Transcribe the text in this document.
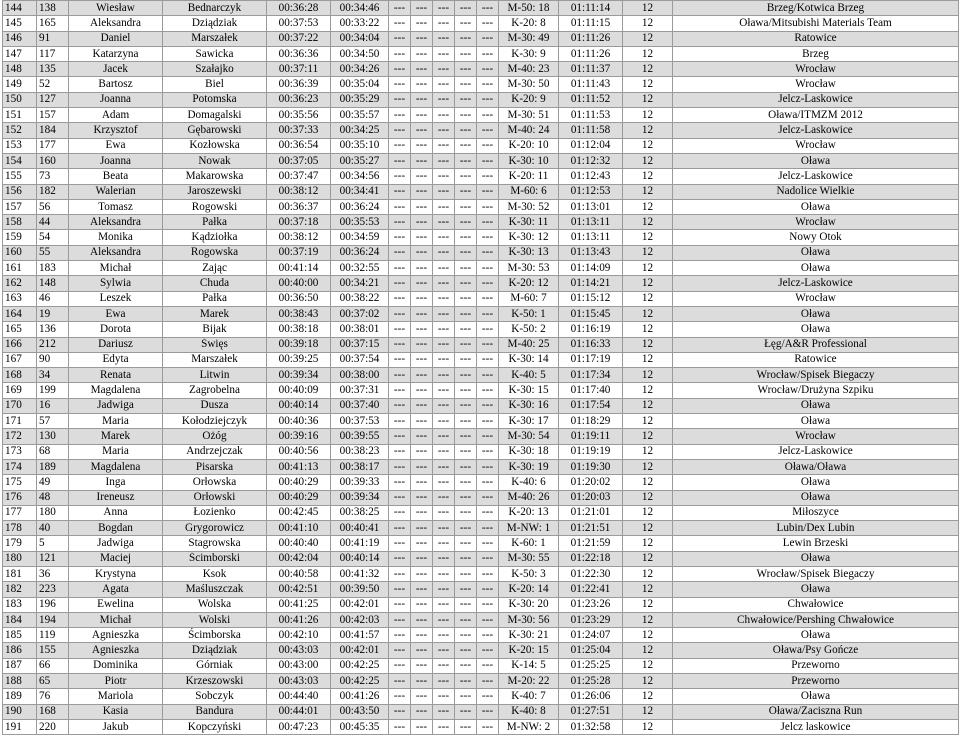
144	138	Wiesław	Bednarczyk	00:36:28	00:34:46	---	---	---	---	---	M-50: 18	01:11:14	12	Brzeg/Kotwica Brzeg
145	165	Aleksandra	Dziądziak	00:37:53	00:33:22	---	---	---	---	---	K-20: 8	01:11:15	12	Oława/Mitsubishi Materials Team
146	91	Daniel	Marszałek	00:37:22	00:34:04	---	---	---	---	---	M-30: 49	01:11:26	12	Ratowice
147	117	Katarzyna	Sawicka	00:36:36	00:34:50	---	---	---	---	---	K-30: 9	01:11:26	12	Brzeg
148	135	Jacek	Szałajko	00:37:11	00:34:26	---	---	---	---	---	M-40: 23	01:11:37	12	Wrocław
149	52	Bartosz	Biel	00:36:39	00:35:04	---	---	---	---	---	M-30: 50	01:11:43	12	Wrocław
150	127	Joanna	Potomska	00:36:23	00:35:29	---	---	---	---	---	K-20: 9	01:11:52	12	Jelcz-Laskowice
151	157	Adam	Domagalski	00:35:56	00:35:57	---	---	---	---	---	M-30: 51	01:11:53	12	Oława/ITMZM 2012
152	184	Krzysztof	Gębarowski	00:37:33	00:34:25	---	---	---	---	---	M-40: 24	01:11:58	12	Jelcz-Laskowice
153	177	Ewa	Kozłowska	00:36:54	00:35:10	---	---	---	---	---	K-20: 10	01:12:04	12	Wrocław
154	160	Joanna	Nowak	00:37:05	00:35:27	---	---	---	---	---	K-30: 10	01:12:32	12	Oława
155	73	Beata	Makarowska	00:37:47	00:34:56	---	---	---	---	---	K-20: 11	01:12:43	12	Jelcz-Laskowice
156	182	Walerian	Jaroszewski	00:38:12	00:34:41	---	---	---	---	---	M-60: 6	01:12:53	12	Nadolice Wielkie
157	56	Tomasz	Rogowski	00:36:37	00:36:24	---	---	---	---	---	M-30: 52	01:13:01	12	Oława
158	44	Aleksandra	Pałka	00:37:18	00:35:53	---	---	---	---	---	K-30: 11	01:13:11	12	Wrocław
159	54	Monika	Kądziołka	00:38:12	00:34:59	---	---	---	---	---	K-30: 12	01:13:11	12	Nowy Otok
160	55	Aleksandra	Rogowska	00:37:19	00:36:24	---	---	---	---	---	K-30: 13	01:13:43	12	Oława
161	183	Michał	Zając	00:41:14	00:32:55	---	---	---	---	---	M-30: 53	01:14:09	12	Oława
162	148	Sylwia	Chuda	00:40:00	00:34:21	---	---	---	---	---	K-20: 12	01:14:21	12	Jelcz-Laskowice
163	46	Leszek	Pałka	00:36:50	00:38:22	---	---	---	---	---	M-60: 7	01:15:12	12	Wrocław
164	19	Ewa	Marek	00:38:43	00:37:02	---	---	---	---	---	K-50: 1	01:15:45	12	Oława
165	136	Dorota	Bijak	00:38:18	00:38:01	---	---	---	---	---	K-50: 2	01:16:19	12	Oława
166	212	Dariusz	Święs	00:39:18	00:37:15	---	---	---	---	---	M-40: 25	01:16:33	12	Łęg/A&R Professional
167	90	Edyta	Marszałek	00:39:25	00:37:54	---	---	---	---	---	K-30: 14	01:17:19	12	Ratowice
168	34	Renata	Litwin	00:39:34	00:38:00	---	---	---	---	---	K-40: 5	01:17:34	12	Wrocław/Spisek Biegaczy
169	199	Magdalena	Zagrobelna	00:40:09	00:37:31	---	---	---	---	---	K-30: 15	01:17:40	12	Wrocław/Drużyna Szpiku
170	16	Jadwiga	Dusza	00:40:14	00:37:40	---	---	---	---	---	K-30: 16	01:17:54	12	Oława
171	57	Maria	Kołodziejczyk	00:40:36	00:37:53	---	---	---	---	---	K-30: 17	01:18:29	12	Oława
172	130	Marek	Ożóg	00:39:16	00:39:55	---	---	---	---	---	M-30: 54	01:19:11	12	Wrocław
173	68	Maria	Andrzejczak	00:40:56	00:38:23	---	---	---	---	---	K-30: 18	01:19:19	12	Jelcz-Laskowice
174	189	Magdalena	Pisarska	00:41:13	00:38:17	---	---	---	---	---	K-30: 19	01:19:30	12	Oława/Oława
175	49	Inga	Orłowska	00:40:29	00:39:33	---	---	---	---	---	K-40: 6	01:20:02	12	Oława
176	48	Ireneusz	Orłowski	00:40:29	00:39:34	---	---	---	---	---	M-40: 26	01:20:03	12	Oława
177	180	Anna	Łozienko	00:42:45	00:38:25	---	---	---	---	---	K-20: 13	01:21:01	12	Miłoszyce
178	40	Bogdan	Grygorowicz	00:41:10	00:40:41	---	---	---	---	---	M-NW: 1	01:21:51	12	Lubin/Dex Lubin
179	5	Jadwiga	Stagrowska	00:40:40	00:41:19	---	---	---	---	---	K-60: 1	01:21:59	12	Lewin Brzeski
180	121	Maciej	Ścimborski	00:42:04	00:40:14	---	---	---	---	---	M-30: 55	01:22:18	12	Oława
181	36	Krystyna	Ksok	00:40:58	00:41:32	---	---	---	---	---	K-50: 3	01:22:30	12	Wrocław/Spisek Biegaczy
182	223	Agata	Maśluszczak	00:42:51	00:39:50	---	---	---	---	---	K-20: 14	01:22:41	12	Oława
183	196	Ewelina	Wolska	00:41:25	00:42:01	---	---	---	---	---	K-30: 20	01:23:26	12	Chwałowice
184	194	Michał	Wolski	00:41:26	00:42:03	---	---	---	---	---	M-30: 56	01:23:29	12	Chwałowice/Pershing Chwałowice
185	119	Agnieszka	Ścimborska	00:42:10	00:41:57	---	---	---	---	---	K-30: 21	01:24:07	12	Oława
186	155	Agnieszka	Dziądziak	00:43:03	00:42:01	---	---	---	---	---	K-20: 15	01:25:04	12	Oława/Psy Gończe
187	66	Dominika	Górniak	00:43:00	00:42:25	---	---	---	---	---	K-14: 5	01:25:25	12	Przeworno
188	65	Piotr	Krzeszowski	00:43:03	00:42:25	---	---	---	---	---	M-20: 22	01:25:28	12	Przeworno
189	76	Mariola	Sobczyk	00:44:40	00:41:26	---	---	---	---	---	K-40: 7	01:26:06	12	Oława
190	168	Kasia	Bandura	00:44:01	00:43:50	---	---	---	---	---	K-40: 8	01:27:51	12	Oława/Zaciszna Run
191	220	Jakub	Kopczyński	00:47:23	00:45:35	---	---	---	---	---	M-NW: 2	01:32:58	12	Jelcz laskowice
